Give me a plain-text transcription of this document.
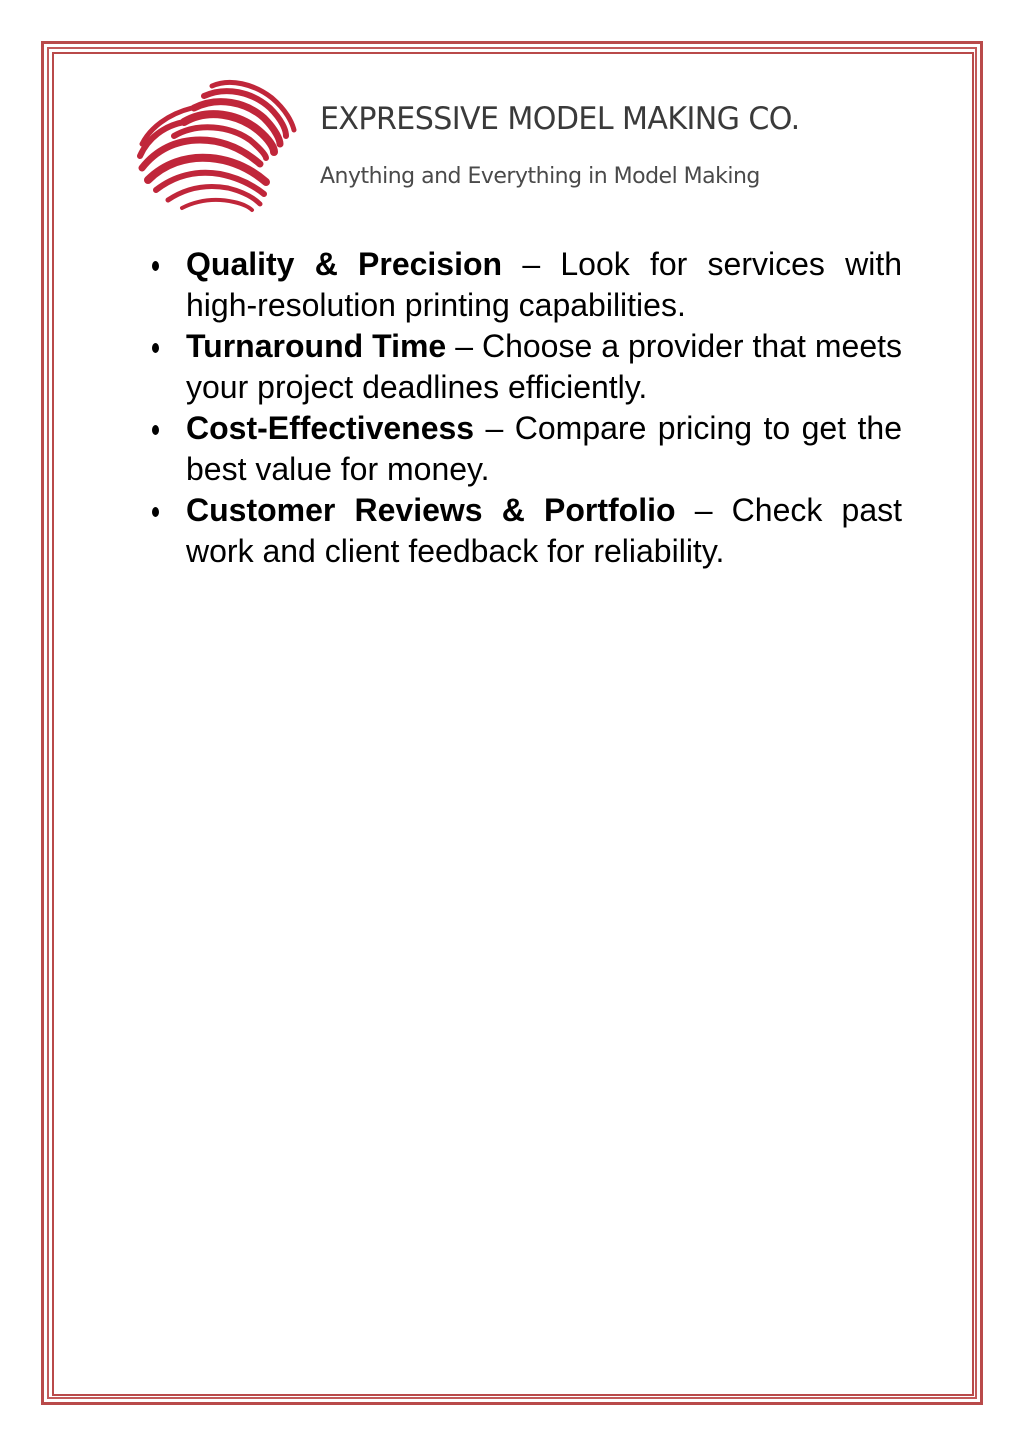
EXPRESSIVE MODEL MAKING CO.
Anything and Everything in Model Making
Quality & Precision – Look for services with high-resolution printing capabilities.
Turnaround Time – Choose a provider that meets your project deadlines efficiently.
Cost-Effectiveness – Compare pricing to get the best value for money.
Customer Reviews & Portfolio – Check past work and client feedback for reliability.
